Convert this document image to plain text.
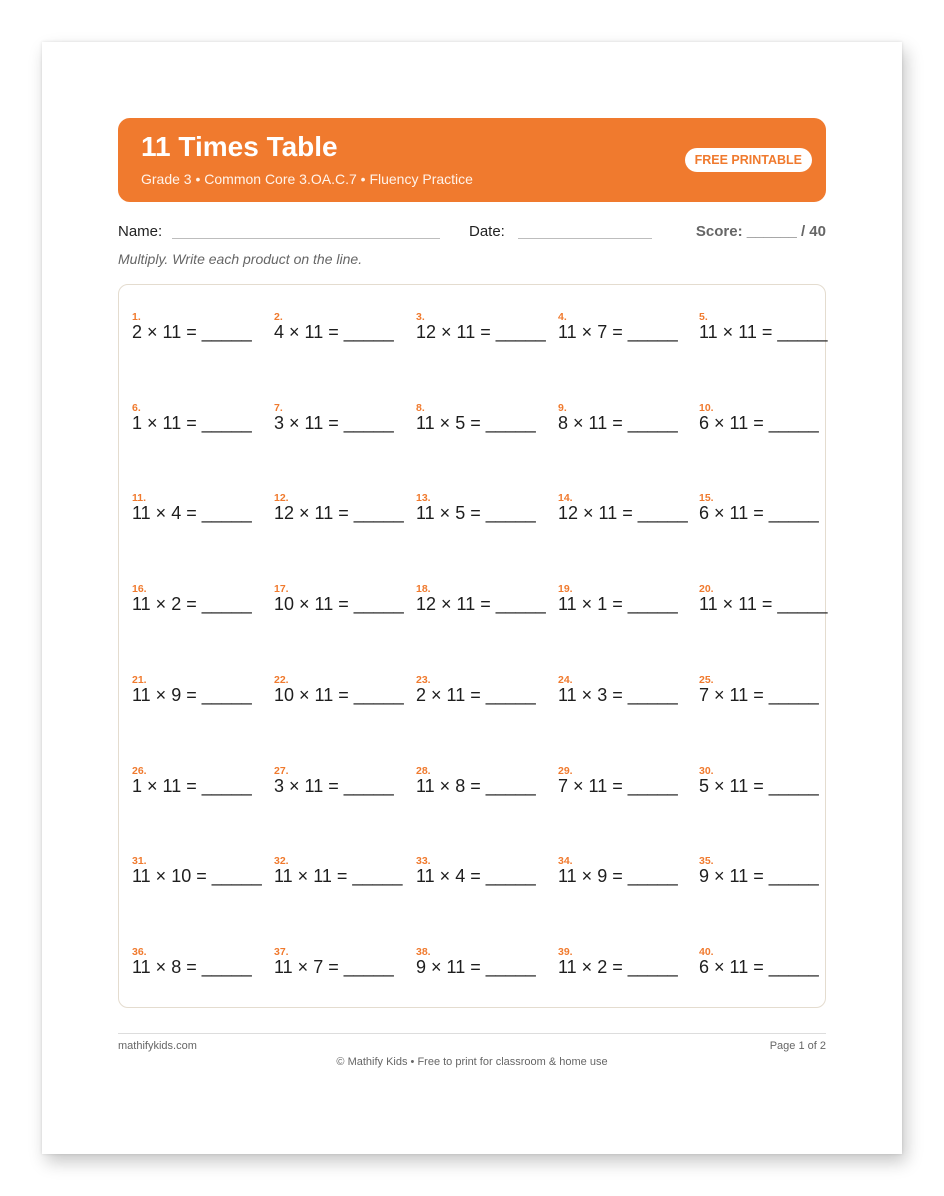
11 Times Table
Grade 3 • Common Core 3.OA.C.7 • Fluency Practice
FREE PRINTABLE
Name:	Date:	Score: ______ / 40
Multiply. Write each product on the line.
1.
2 × 11 = _____
2.
4 × 11 = _____
3.
12 × 11 = _____
4.
11 × 7 = _____
5.
11 × 11 = _____
6.
1 × 11 = _____
7.
3 × 11 = _____
8.
11 × 5 = _____
9.
8 × 11 = _____
10.
6 × 11 = _____
11.
11 × 4 = _____
12.
12 × 11 = _____
13.
11 × 5 = _____
14.
12 × 11 = _____
15.
6 × 11 = _____
16.
11 × 2 = _____
17.
10 × 11 = _____
18.
12 × 11 = _____
19.
11 × 1 = _____
20.
11 × 11 = _____
21.
11 × 9 = _____
22.
10 × 11 = _____
23.
2 × 11 = _____
24.
11 × 3 = _____
25.
7 × 11 = _____
26.
1 × 11 = _____
27.
3 × 11 = _____
28.
11 × 8 = _____
29.
7 × 11 = _____
30.
5 × 11 = _____
31.
11 × 10 = _____
32.
11 × 11 = _____
33.
11 × 4 = _____
34.
11 × 9 = _____
35.
9 × 11 = _____
36.
11 × 8 = _____
37.
11 × 7 = _____
38.
9 × 11 = _____
39.
11 × 2 = _____
40.
6 × 11 = _____
mathifykids.com	Page 1 of 2
© Mathify Kids • Free to print for classroom & home use
